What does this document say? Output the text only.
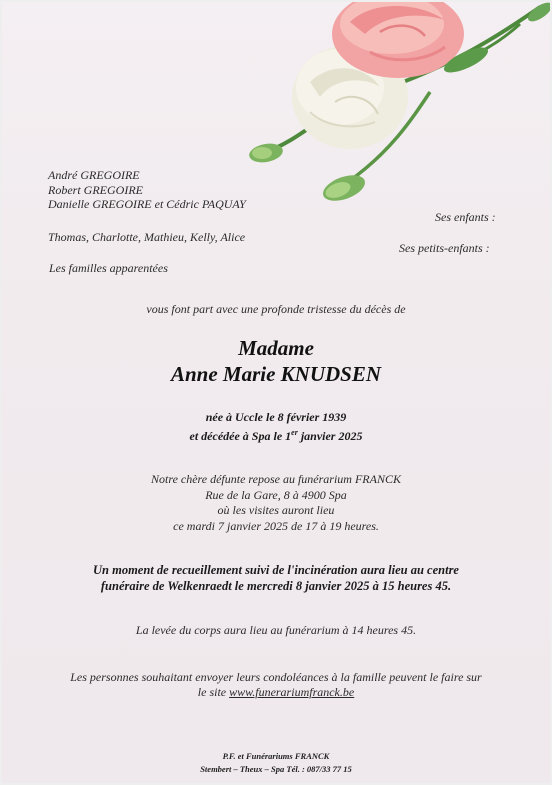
André GREGOIRE
Robert GREGOIRE
Danielle GREGOIRE et Cédric PAQUAY
Thomas, Charlotte, Mathieu, Kelly, Alice
Les familles apparentées
Ses enfants :
Ses petits-enfants :
vous font part avec une profonde tristesse du décès de
Madame
Anne Marie KNUDSEN
née à Uccle le 8 février 1939
et décédée à Spa le 1er janvier 2025
Notre chère défunte repose au funérarium FRANCK
Rue de la Gare, 8 à 4900 Spa
où les visites auront lieu
ce mardi 7 janvier 2025 de 17 à 19 heures.
Un moment de recueillement suivi de l'incinération aura lieu au centre
funéraire de Welkenraedt le mercredi 8 janvier 2025 à 15 heures 45.
La levée du corps aura lieu au funérarium à 14 heures 45.
Les personnes souhaitant envoyer leurs condoléances à la famille peuvent le faire sur
le site www.funerariumfranck.be
P.F. et Funérariums FRANCK
Stembert – Theux – Spa Tél. : 087/33 77 15
